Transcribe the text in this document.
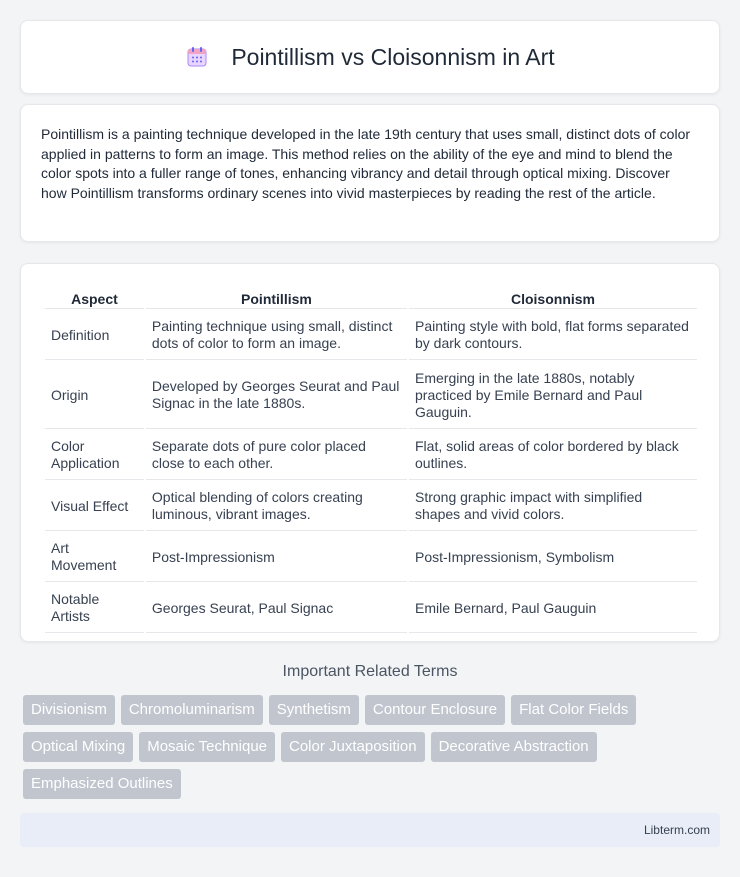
Pointillism vs Cloisonnism in Art

Pointillism is a painting technique developed in the late 19th century that uses small, distinct dots of color applied in patterns to form an image. This method relies on the ability of the eye and mind to blend the color spots into a fuller range of tones, enhancing vibrancy and detail through optical mixing. Discover how Pointillism transforms ordinary scenes into vivid masterpieces by reading the rest of the article.

Aspect	Pointillism	Cloisonnism
Definition	Painting technique using small, distinct dots of color to form an image.	Painting style with bold, flat forms separated by dark contours.
Origin	Developed by Georges Seurat and Paul Signac in the late 1880s.	Emerging in the late 1880s, notably practiced by Emile Bernard and Paul Gauguin.
Color Application	Separate dots of pure color placed close to each other.	Flat, solid areas of color bordered by black outlines.
Visual Effect	Optical blending of colors creating luminous, vibrant images.	Strong graphic impact with simplified shapes and vivid colors.
Art Movement	Post-Impressionism	Post-Impressionism, Symbolism
Notable Artists	Georges Seurat, Paul Signac	Emile Bernard, Paul Gauguin
Important Related Terms
Divisionism	Chromoluminarism	Synthetism	Contour Enclosure	Flat Color Fields
Optical Mixing	Mosaic Technique	Color Juxtaposition	Decorative Abstraction
Emphasized Outlines
Libterm.com
